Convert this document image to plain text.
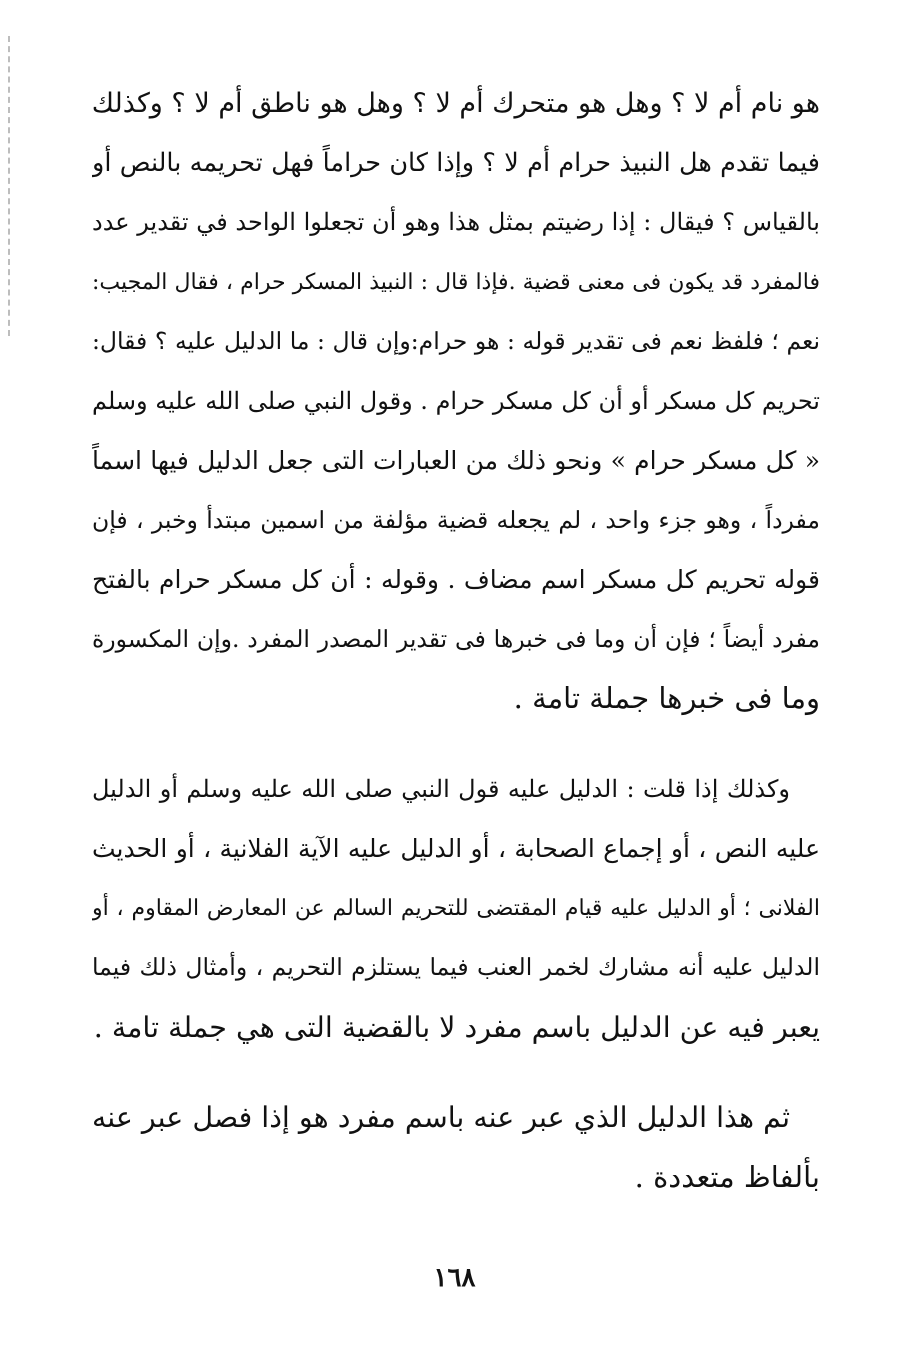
هو نام أم لا ؟ وهل هو متحرك أم لا ؟ وهل هو ناطق أم لا ؟ وكذلك
فيما تقدم هل النبيذ حرام أم لا ؟ وإذا كان حراماً فهل تحريمه بالنص أو
بالقياس ؟ فيقال : إذا رضيتم بمثل هذا وهو أن تجعلوا الواحد في تقدير عدد
فالمفرد قد يكون فى معنى قضية .فإذا قال : النبيذ المسكر حرام ، فقال المجيب:
نعم ؛ فلفظ نعم فى تقدير قوله : هو حرام:وإن قال : ما الدليل عليه ؟ فقال:
تحريم كل مسكر أو أن كل مسكر حرام . وقول النبي صلى الله عليه وسلم
« كل مسكر حرام » ونحو ذلك من العبارات التى جعل الدليل فيها اسماً
مفرداً ، وهو جزء واحد ، لم يجعله قضية مؤلفة من اسمين مبتدأ وخبر ، فإن
قوله تحريم كل مسكر اسم مضاف . وقوله : أن كل مسكر حرام بالفتح
مفرد أيضاً ؛ فإن أن وما فى خبرها فى تقدير المصدر المفرد .وإن المكسورة
وما فى خبرها جملة تامة .

وكذلك إذا قلت : الدليل عليه قول النبي صلى الله عليه وسلم أو الدليل
عليه النص ، أو إجماع الصحابة ، أو الدليل عليه الآية الفلانية ، أو الحديث
الفلانى ؛ أو الدليل عليه قيام المقتضى للتحريم السالم عن المعارض المقاوم ، أو
الدليل عليه أنه مشارك لخمر العنب فيما يستلزم التحريم ، وأمثال ذلك فيما
يعبر فيه عن الدليل باسم مفرد لا بالقضية التى هي جملة تامة .

ثم هذا الدليل الذي عبر عنه باسم مفرد هو إذا فصل عبر عنه
بألفاظ متعددة .

١٦٨
